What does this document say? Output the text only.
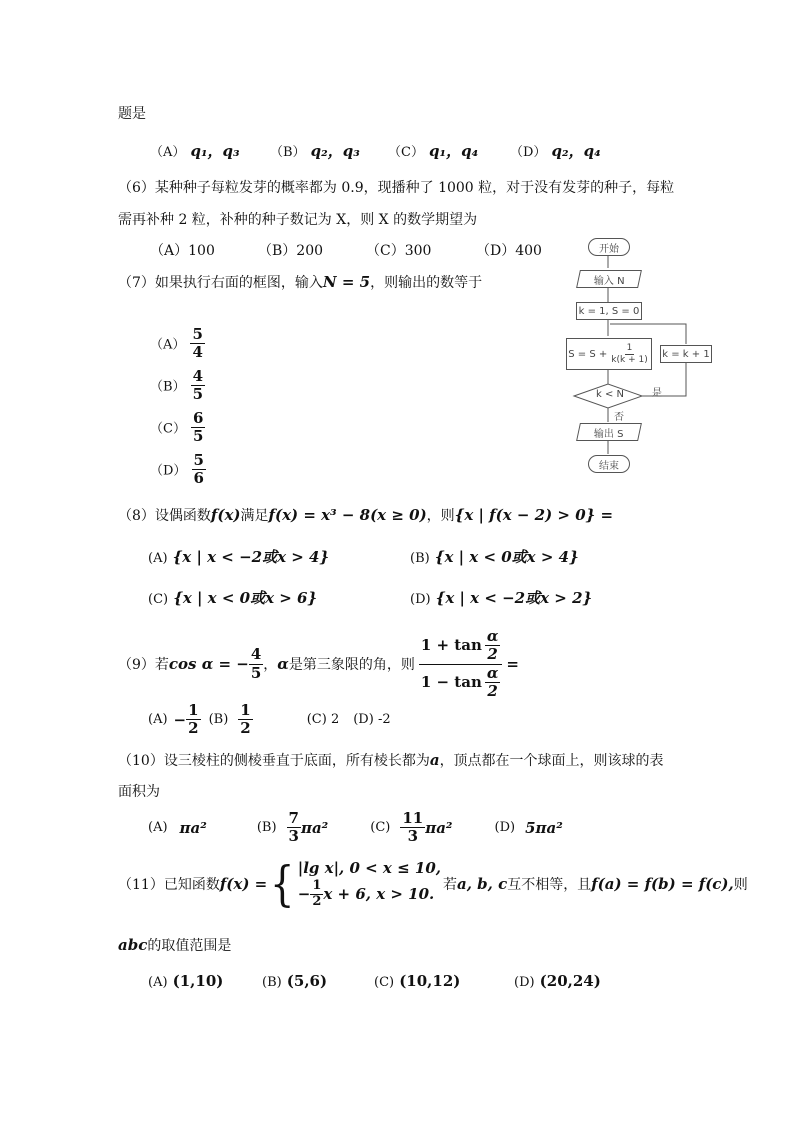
题是
（A） q₁，q₃ （B） q₂，q₃ （C） q₁，q₄ （D） q₂，q₄
（6）某种种子每粒发芽的概率都为 0.9，现播种了 1000 粒，对于没有发芽的种子，每粒
需再补种 2 粒，补种的种子数记为 X，则 X 的数学期望为
（A）100	（B）200	（C）300	（D）400
（7）如果执行右面的框图，输入N = 5，则输出的数等于
$(A) \frac{5}{4}$
$(B) \frac{4}{5}$
$(C) \frac{6}{5}$
$(D) \frac{5}{6}$
开始
输入 N
k = 1, S = 0
$S = S + \frac{1}{k(k + 1)}$ k = k + 1
k < N	是
否
输出 S
结束
（8）设偶函数f(x)满足f(x) = x³ − 8(x ≥ 0)，则{x | f(x − 2) > 0} =
(A) {x | x < −2或x > 4}	(B) {x | x < 0或x > 4}
(C) {x | x < 0或x > 6}	(D) {x | x < −2或x > 2}
（9）若 cos α = − $\frac{4}{5}$ ， α 是第三象限的角，则 $\frac{1 + \tan \frac{\alpha}{2}}{1 - \tan \frac{\alpha}{2}}$ =
$(A) - \frac{1}{2} (B) \frac{1}{2}$	(C) 2 (D) -2
（10）设三棱柱的侧棱垂直于底面，所有棱长都为a，顶点都在一个球面上，则该球的表
面积为
(A) πa²	$(B) \frac{7}{3} \pi a^2$	$(C) \frac{11}{3} \pi a^2$	(D) 5πa²
（11）已知函数 f(x) = { |lg x|, 0 < x ≤ 10,
− $\frac{1}{2}$ x + 6, x > 10. 若 a, b, c 互不相等，且 f(a) = f(b) = f(c), 则
abc的取值范围是
(A) (1,10)	(B) (5,6)	(C) (10,12)	(D) (20,24)
